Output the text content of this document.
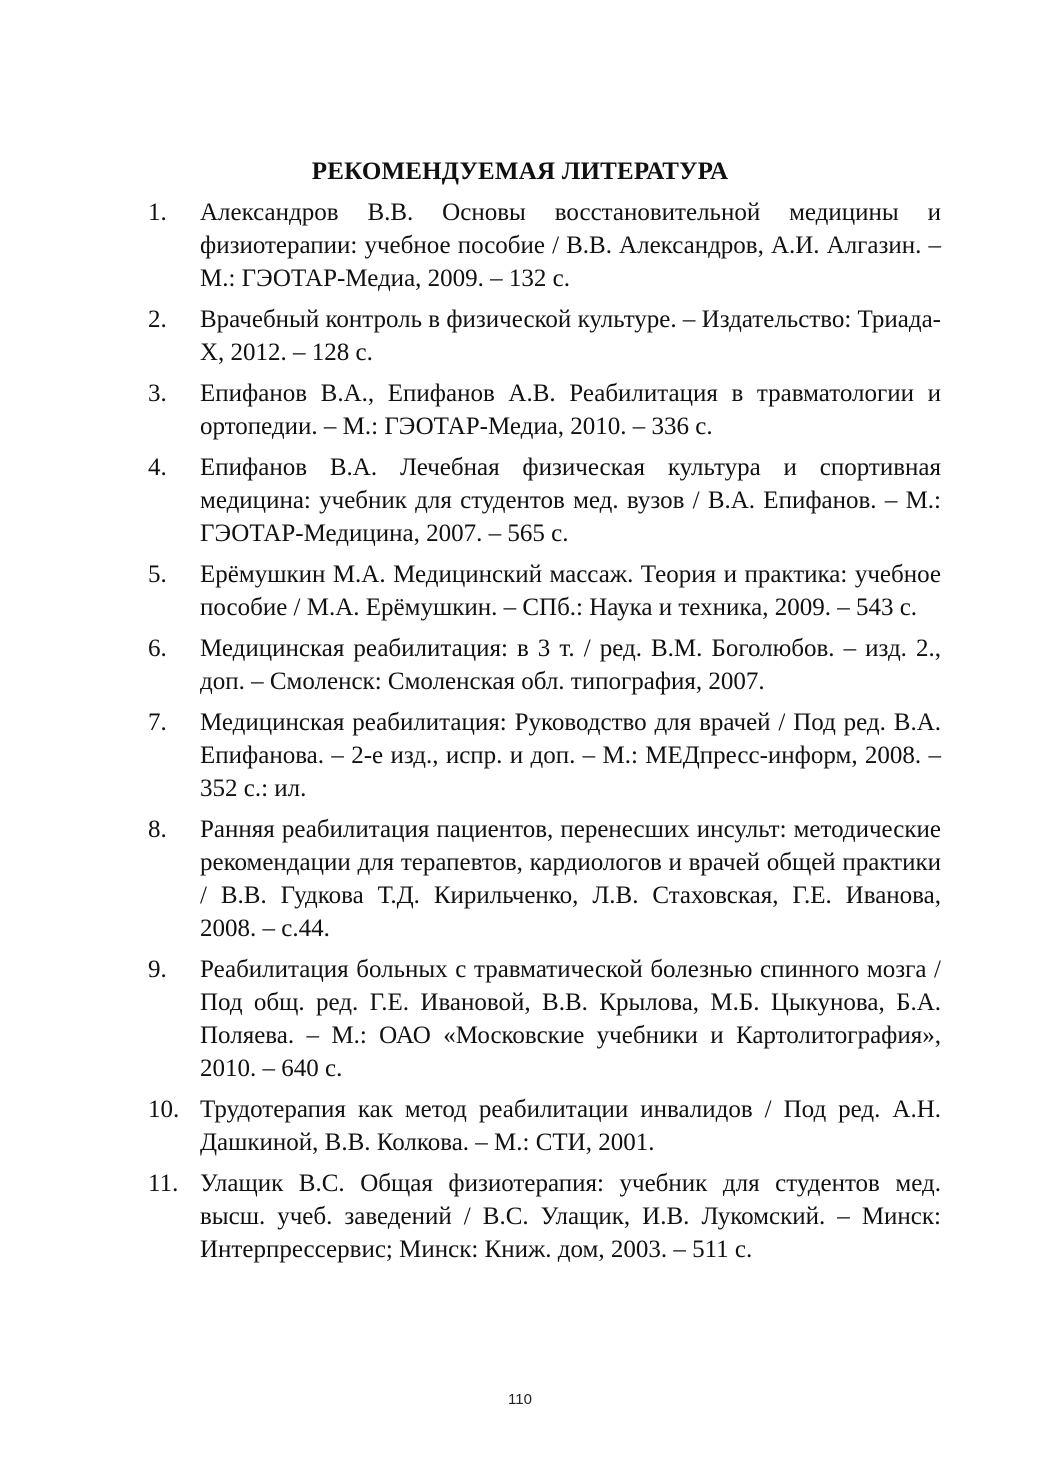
РЕКОМЕНДУЕМАЯ ЛИТЕРАТУРА
1.	Александров В.В. Основы восстановительной медицины и физиотерапии: учебное пособие / В.В. Александров, А.И. Алгазин. – М.: ГЭОТАР-Медиа, 2009. – 132 с.
2.	Врачебный контроль в физической культуре. – Издательство: Триада-Х, 2012. – 128 с.
3.	Епифанов В.А., Епифанов А.В. Реабилитация в травматологии и ортопедии. – М.: ГЭОТАР-Медиа, 2010. – 336 с.
4.	Епифанов В.А. Лечебная физическая культура и спортивная медицина: учебник для студентов мед. вузов / В.А. Епифанов. – М.: ГЭОТАР-Медицина, 2007. – 565 с.
5.	Ерёмушкин М.А. Медицинский массаж. Теория и практика: учебное пособие / М.А. Ерёмушкин. – СПб.: Наука и техника, 2009. – 543 с.
6.	Медицинская реабилитация: в 3 т. / ред. В.М. Боголюбов. – изд. 2., доп. – Смоленск: Смоленская обл. типография, 2007.
7.	Медицинская реабилитация: Руководство для врачей / Под ред. В.А. Епифанова. – 2-е изд., испр. и доп. – М.: МЕДпресс-информ, 2008. – 352 с.: ил.
8.	Ранняя реабилитация пациентов, перенесших инсульт: методические рекомендации для терапевтов, кардиологов и врачей общей практики / В.В. Гудкова Т.Д. Кирильченко, Л.В. Стаховская, Г.Е. Иванова, 2008. – с.44.
9.	Реабилитация больных с травматической болезнью спинного мозга / Под общ. ред. Г.Е. Ивановой, В.В. Крылова, М.Б. Цыкунова, Б.А. Поляева. – М.: ОАО «Московские учебники и Картолитография», 2010. – 640 с.
10. Трудотерапия как метод реабилитации инвалидов / Под ред. А.Н. Дашкиной, В.В. Колкова. – М.: СТИ, 2001.
11. Улащик В.С. Общая физиотерапия: учебник для студентов мед. высш. учеб. заведений / В.С. Улащик, И.В. Лукомский. – Минск: Интерпрессервис; Минск: Книж. дом, 2003. – 511 с.
110
